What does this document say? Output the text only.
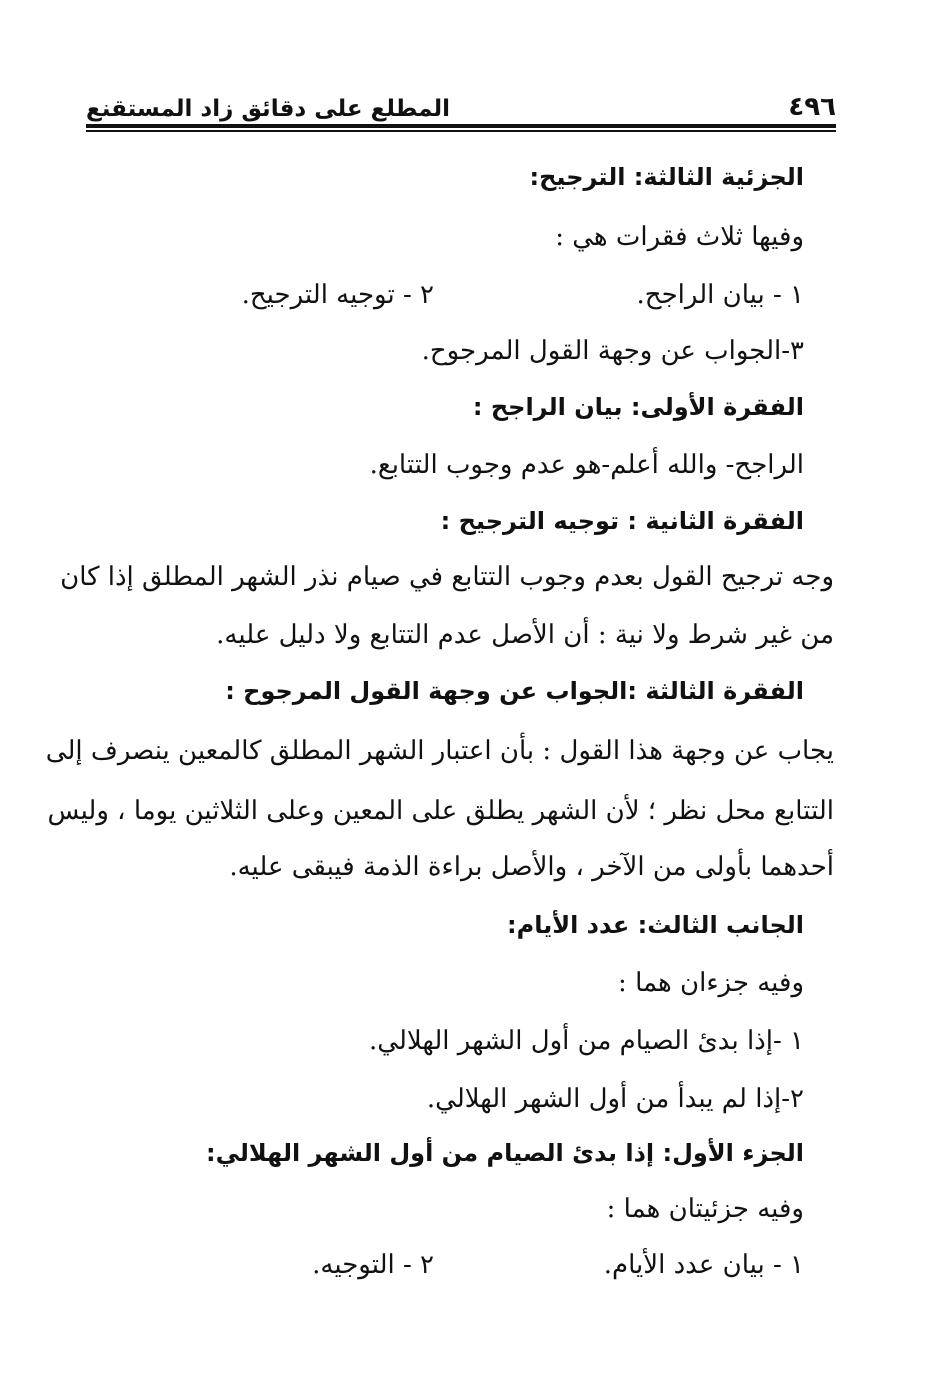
٤٩٦
المطلع على دقائق زاد المستقنع
الجزئية الثالثة: الترجيح:
وفيها ثلاث فقرات هي :
١ - بيان الراجح.
٢ - توجيه الترجيح.
٣-الجواب عن وجهة القول المرجوح.
الفقرة الأولى: بيان الراجح :
الراجح- والله أعلم-هو عدم وجوب التتابع.
الفقرة الثانية : توجيه الترجيح :
وجه ترجيح القول بعدم وجوب التتابع في صيام نذر الشهر المطلق إذا كان
من غير شرط ولا نية : أن الأصل عدم التتابع ولا دليل عليه.
الفقرة الثالثة :الجواب عن وجهة القول المرجوح :
يجاب عن وجهة هذا القول : بأن اعتبار الشهر المطلق كالمعين ينصرف إلى
التتابع محل نظر ؛ لأن الشهر يطلق على المعين وعلى الثلاثين يوما ، وليس
أحدهما بأولى من الآخر ، والأصل براءة الذمة فيبقى عليه.
الجانب الثالث: عدد الأيام:
وفيه جزءان هما :
١ -إذا بدئ الصيام من أول الشهر الهلالي.
٢-إذا لم يبدأ من أول الشهر الهلالي.
الجزء الأول: إذا بدئ الصيام من أول الشهر الهلالي:
وفيه جزئيتان هما :
١ - بيان عدد الأيام.
٢ - التوجيه.
